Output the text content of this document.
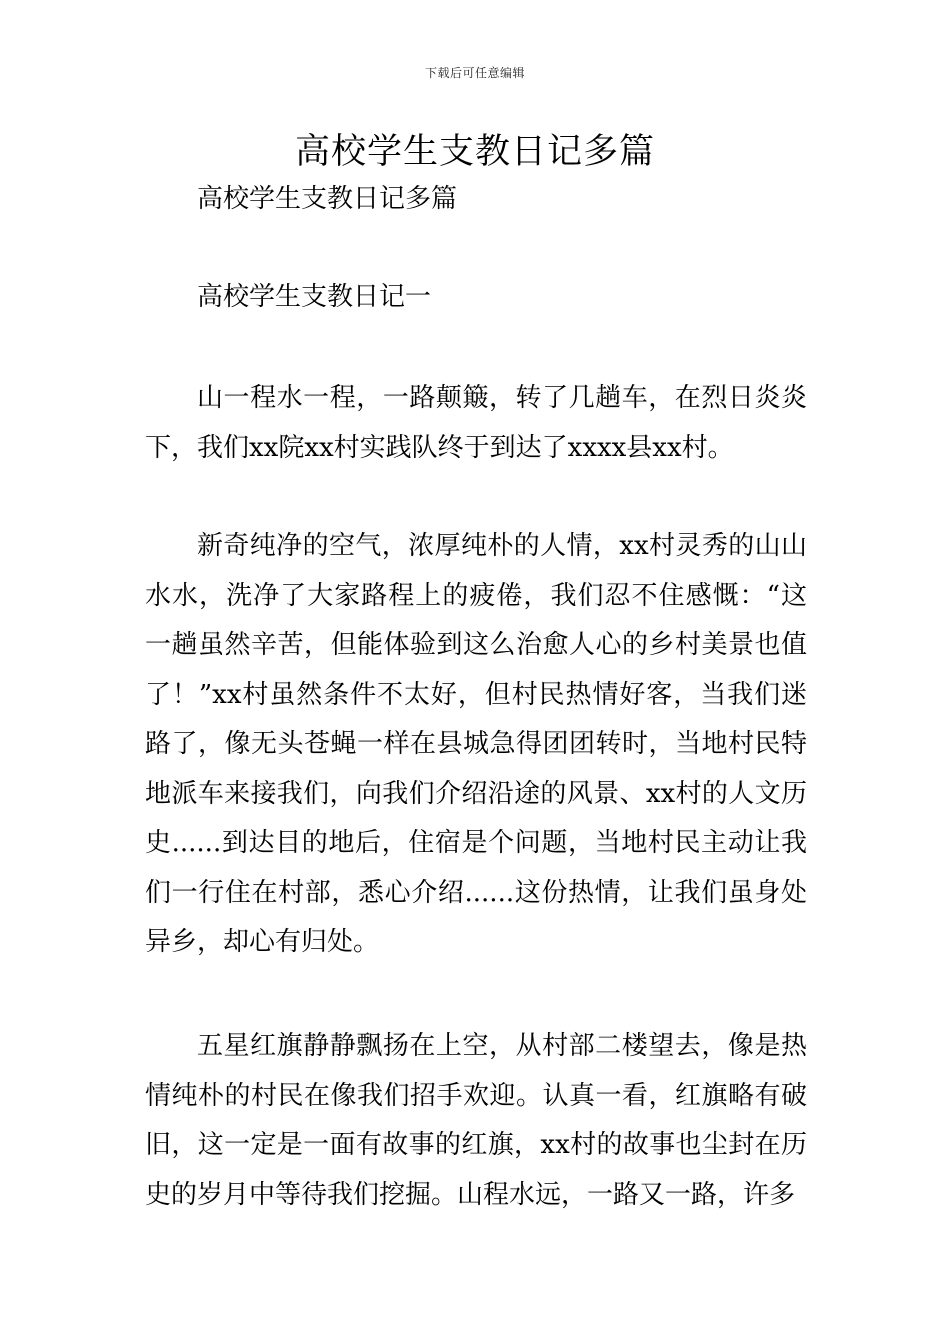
下载后可任意编辑
高校学生支教日记多篇

高校学生支教日记多篇

高校学生支教日记一

山一程水一程，一路颠簸，转了几趟车，在烈日炎炎下，我们xx院xx村实践队终于到达了xxxx县xx村。

新奇纯净的空气，浓厚纯朴的人情，xx村灵秀的山山水水，洗净了大家路程上的疲倦，我们忍不住感慨：“这一趟虽然辛苦，但能体验到这么治愈人心的乡村美景也值了！”xx村虽然条件不太好，但村民热情好客，当我们迷路了，像无头苍蝇一样在县城急得团团转时，当地村民特地派车来接我们，向我们介绍沿途的风景、xx村的人文历史......到达目的地后，住宿是个问题，当地村民主动让我们一行住在村部，悉心介绍......这份热情，让我们虽身处异乡，却心有归处。

五星红旗静静飘扬在上空，从村部二楼望去，像是热情纯朴的村民在像我们招手欢迎。认真一看，红旗略有破旧，这一定是一面有故事的红旗，xx村的故事也尘封在历史的岁月中等待我们挖掘。山程水远，一路又一路，许多
